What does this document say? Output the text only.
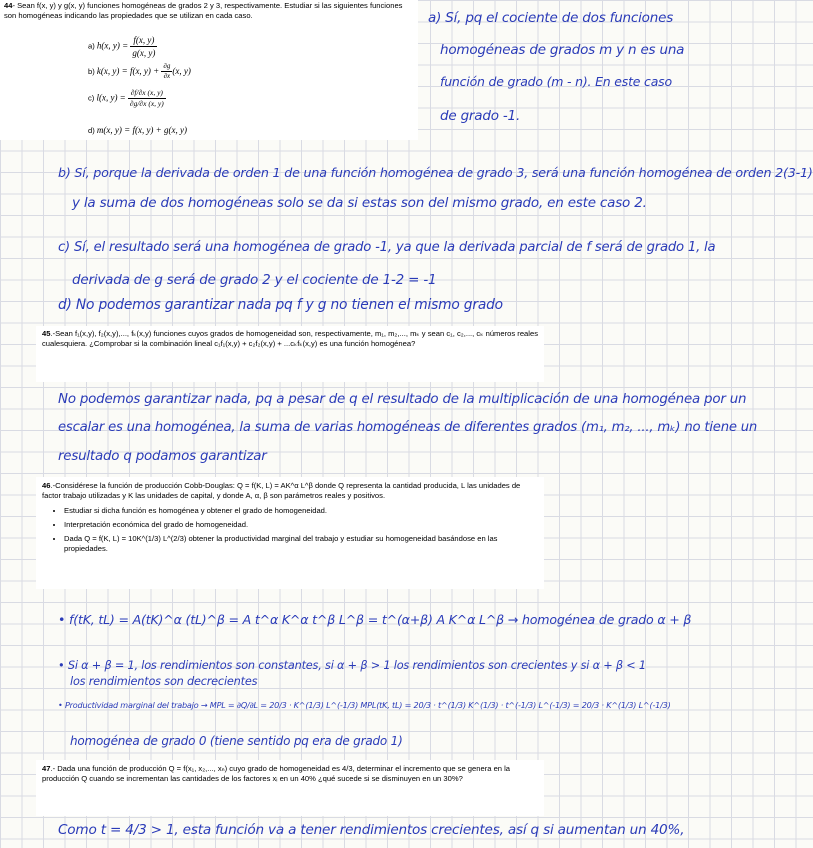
44- Sean f(x, y) y g(x, y) funciones homogéneas de grados 2 y 3, respectivamente. Estudiar si las siguientes funciones son homogéneas indicando las propiedades que se utilizan en cada caso.
a) h(x, $y) = \frac{f(x, y)}{g(x, y)}$
b) k(x, y) = f(x, $y) + \frac{\partial g}{\partial x} (x$, y)
c) l(x, $y) = \frac{\partial f/\partial x (x, y)}{\partial g/\partial x (x, y)}$
d) m(x, y) = f(x, y) + g(x, y)
a) Sí, pq el cociente de dos funciones
homogéneas de grados m y n es una
función de grado (m - n). En este caso
de grado -1.
b) Sí, porque la derivada de orden 1 de una función homogénea de grado 3, será una función homogénea de orden 2(3-1)
y la suma de dos homogéneas solo se da si estas son del mismo grado, en este caso 2.
c) Sí, el resultado será una homogénea de grado -1, ya que la derivada parcial de f será de grado 1, la
derivada de g será de grado 2 y el cociente de 1-2 = -1
d) No podemos garantizar nada pq f y g no tienen el mismo grado
45.-Sean f₁(x,y), f₂(x,y),..., fₖ(x,y) funciones cuyos grados de homogeneidad son, respectivamente, m₁, m₂,..., mₖ y sean c₁, c₂,..., cₖ números reales cualesquiera. ¿Comprobar si la combinación lineal c₁f₁(x,y) + c₂f₂(x,y) + ...cₖfₖ(x,y) es una función homogénea?
No podemos garantizar nada, pq a pesar de q el resultado de la multiplicación de una homogénea por un
escalar es una homogénea, la suma de varias homogéneas de diferentes grados (m₁, m₂, ..., mₖ) no tiene un
resultado q podamos garantizar
46.-Considérese la función de producción Cobb-Douglas: Q = f(K, L) = AK^α L^β donde Q representa la cantidad producida, L las unidades de factor trabajo utilizadas y K las unidades de capital, y donde A, α, β son parámetros reales y positivos.
• Estudiar si dicha función es homogénea y obtener el grado de homogeneidad.
• Interpretación económica del grado de homogeneidad.
• Dada Q = f(K, L) = 10K^(1/3) L^(2/3) obtener la productividad marginal del trabajo y estudiar su homogeneidad basándose en las propiedades.
• f(tK, tL) = A(tK)^α (tL)^β = A t^α K^α t^β L^β = t^(α+β) A K^α L^β → homogénea de grado α + β
• Si α + β = 1, los rendimientos son constantes, si α + β > 1 los rendimientos son crecientes y si α + β < 1
los rendimientos son decrecientes
• Productividad marginal del trabajo → MPL = ∂Q/∂L = 20/3 · K^(1/3) L^(-1/3) MPL(tK, tL) = 20/3 · t^(1/3) K^(1/3) · t^(-1/3) L^(-1/3) = 20/3 · K^(1/3) L^(-1/3)
homogénea de grado 0 (tiene sentido pq era de grado 1)
47.- Dada una función de producción Q = f(x₁, x₂,..., xₙ) cuyo grado de homogeneidad es 4/3, determinar el incremento que se genera en la producción Q cuando se incrementan las cantidades de los factores xᵢ en un 40% ¿qué sucede si se disminuyen en un 30%?
Como t = 4/3 > 1, esta función va a tener rendimientos crecientes, así q si aumentan un 40%,
